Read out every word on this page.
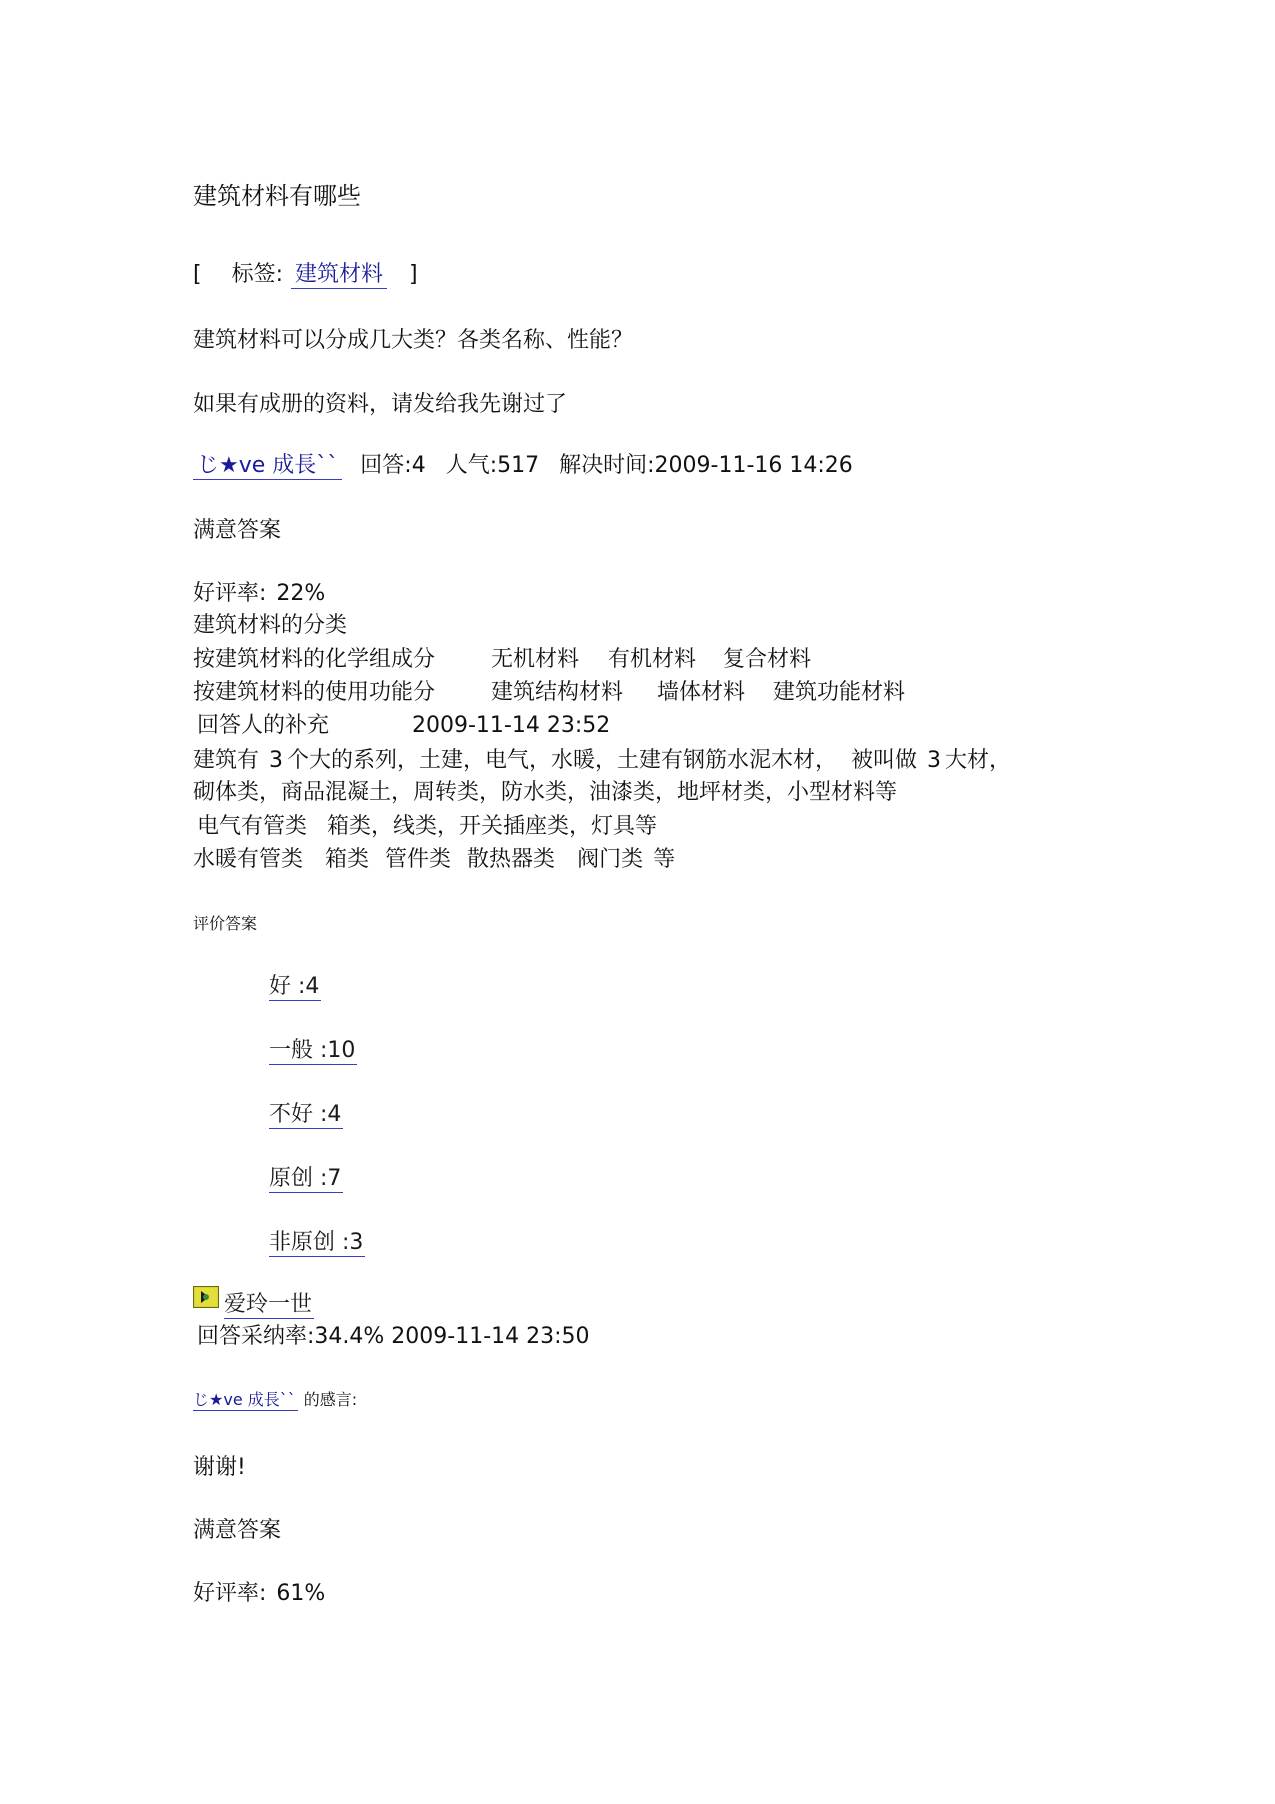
建筑材料有哪些
[ 标签: 建筑材料 ]
建筑材料可以分成几大类？各类名称、性能？
如果有成册的资料，请发给我先谢过了
じ★ve 成長`` 回答:4 人气:517 解决时间:2009-11-16 14:26
满意答案
好评率: 22%
建筑材料的分类
按建筑材料的化学组成分	无机材料 有机材料 复合材料
按建筑材料的使用功能分	建筑结构材料 墙体材料 建筑功能材料
回答人的补充	2009-11-14 23:52
建筑有 3 个大的系列，土建，电气，水暖，土建有钢筋水泥木材， 被叫做 3 大材，
砌体类，商品混凝土，周转类，防水类，油漆类，地坪材类，小型材料等
电气有管类 箱类，线类，开关插座类，灯具等
水暖有管类 箱类 管件类 散热器类 阀门类 等
评价答案
好 :4
一般 :10
不好 :4
原创 :7
非原创 :3
爱玲一世
回答采纳率:34.4% 2009-11-14 23:50
じ★ve 成長`` 的感言:
谢谢!
满意答案
好评率: 61%
